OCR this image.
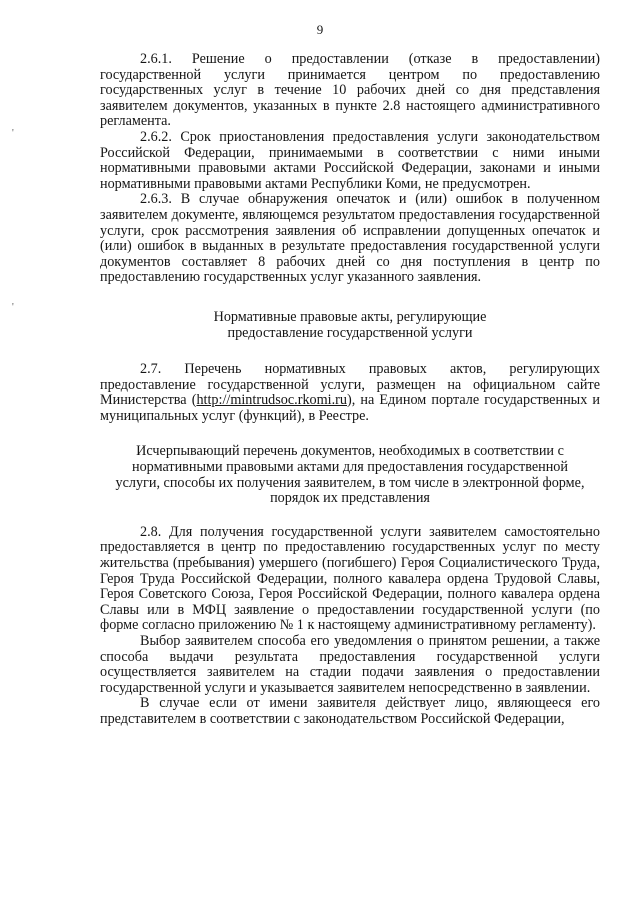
9
'
'

2.6.1. Решение о предоставлении (отказе в предоставлении) государственной услуги принимается центром по предоставлению государственных услуг в течение 10 рабочих дней со дня представления заявителем документов, указанных в пункте 2.8 настоящего административного регламента.

2.6.2. Срок приостановления предоставления услуги законодательством Российской Федерации, принимаемыми в соответствии с ними иными нормативными правовыми актами Российской Федерации, законами и иными нормативными правовыми актами Республики Коми, не предусмотрен.

2.6.3. В случае обнаружения опечаток и (или) ошибок в полученном заявителем документе, являющемся результатом предоставления государственной услуги, срок рассмотрения заявления об исправлении допущенных опечаток и (или) ошибок в выданных в результате предоставления государственной услуги документов составляет 8 рабочих дней со дня поступления в центр по предоставлению государственных услуг указанного заявления.

Нормативные правовые акты, регулирующие
предоставление государственной услуги

2.7. Перечень нормативных правовых актов, регулирующих предоставление государственной услуги, размещен на официальном сайте Министерства (http://mintrudsoc.rkomi.ru), на Едином портале государственных и муниципальных услуг (функций), в Реестре.

Исчерпывающий перечень документов, необходимых в соответствии с
нормативными правовыми актами для предоставления государственной
услуги, способы их получения заявителем, в том числе в электронной форме,
порядок их представления

2.8. Для получения государственной услуги заявителем самостоятельно предоставляется в центр по предоставлению государственных услуг по месту жительства (пребывания) умершего (погибшего) Героя Социалистического Труда, Героя Труда Российской Федерации, полного кавалера ордена Трудовой Славы, Героя Советского Союза, Героя Российской Федерации, полного кавалера ордена Славы или в МФЦ заявление о предоставлении государственной услуги (по форме согласно приложению № 1 к настоящему административному регламенту).

Выбор заявителем способа его уведомления о принятом решении, а также способа выдачи результата предоставления государственной услуги осуществляется заявителем на стадии подачи заявления о предоставлении государственной услуги и указывается заявителем непосредственно в заявлении.

В случае если от имени заявителя действует лицо, являющееся его представителем в соответствии с законодательством Российской Федерации,
